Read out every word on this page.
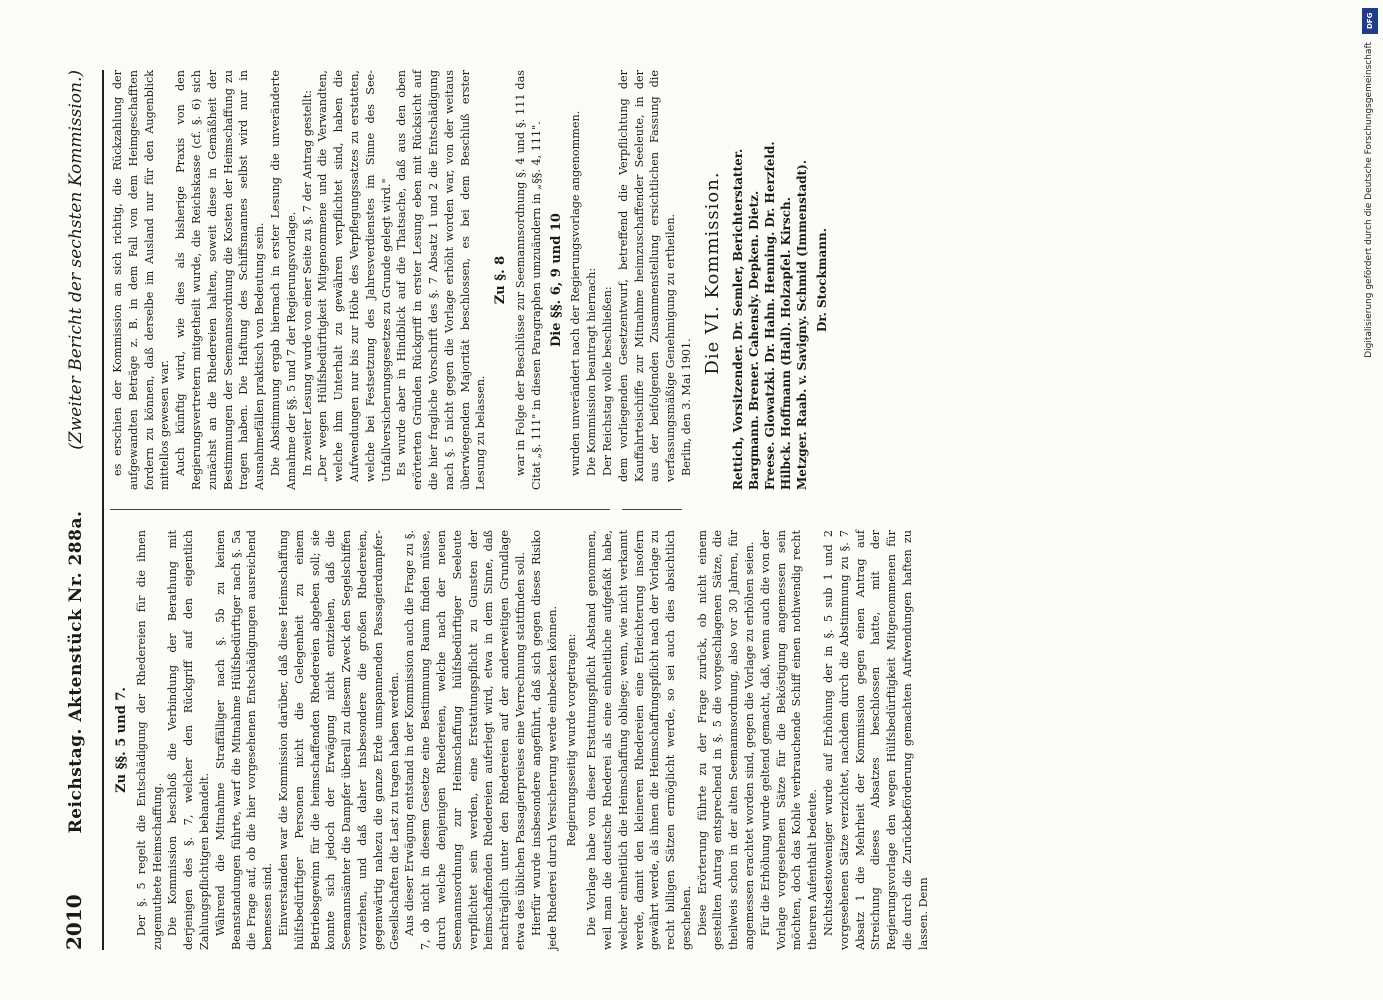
2010
Reichstag. Aktenstück Nr. 288a.
(Zweiter Bericht der sechsten Kommission.)

Zu §§. 5 und 7. Der §. 5 regelt die Entschädigung der Rhedereien für die ihnen zugemuthete Heimschaffung. Die Kommission beschloß die Verbindung der Berathung mit derjenigen des §. 7, welcher den Rückgriff auf den eigentlich Zahlungspflichtigen behandelt. Während die Mitnahme Straffälliger nach §. 5b zu keinen Beanstandungen führte, warf die Mitnahme Hülfsbedürftiger nach §. 5a die Frage auf, ob die hier vorgesehenen Entschädigungen ausreichend bemessen sind. Einverstanden war die Kommission darüber, daß diese Heimschaffung hülfsbedürftiger Personen nicht die Gelegenheit zu einem Betriebsgewinn für die heimschaffenden Rhedereien abgeben soll; sie konnte sich jedoch der Erwägung nicht entziehen, daß die Seemannsämter die Dampfer überall zu diesem Zweck den Segelschiffen vorziehen, und daß daher insbesondere die großen Rhedereien, gegenwärtig nahezu die ganze Erde umspannenden Passagierdampfer-Gesellschaften die Last zu tragen haben werden. Aus dieser Erwägung entstand in der Kommission auch die Frage zu §. 7, ob nicht in diesem Gesetze eine Bestimmung Raum finden müsse, durch welche denjenigen Rhedereien, welche nach der neuen Seemannsordnung zur Heimschaffung hülfsbedürftiger Seeleute verpflichtet sein werden, eine Erstattungspflicht zu Gunsten der heimschaffenden Rhedereien auferlegt wird, etwa in dem Sinne, daß nachträglich unter den Rhedereien auf der anderweitigen Grundlage etwa des üblichen Passagierpreises eine Verrechnung stattfinden soll. Hierfür wurde insbesondere angeführt, daß sich gegen dieses Risiko jede Rhederei durch Versicherung werde einbecken können. Regierungsseitig wurde vorgetragen: Die Vorlage habe von dieser Erstattungspflicht Abstand genommen, weil man die deutsche Rhederei als eine einheitliche aufgefaßt habe, welcher einheitlich die Heimschaffung obliege; wenn, wie nicht verkannt werde, damit den kleineren Rhedereien eine Erleichterung insofern gewährt werde, als ihnen die Heimschaffungspflicht nach der Vorlage zu recht billigen Sätzen ermöglicht werde, so sei auch dies absichtlich geschehen. Diese Erörterung führte zu der Frage zurück, ob nicht einem gestellten Antrag entsprechend in §. 5 die vorgeschlagenen Sätze, die theilweis schon in der alten Seemannsordnung, also vor 30 Jahren, für angemessen erachtet worden sind, gegen die Vorlage zu erhöhen seien. Für die Erhöhung wurde geltend gemacht, daß, wenn auch die von der Vorlage vorgesehenen Sätze für die Beköstigung angemessen sein möchten, doch das Kohle verbrauchende Schiff einen nothwendig recht theuren Aufenthalt bedeute. Nichtsdestoweniger wurde auf Erhöhung der in §. 5 sub 1 und 2 vorgesehenen Sätze verzichtet, nachdem durch die Abstimmung zu §. 7 Absatz 1 die Mehrheit der Kommission gegen einen Antrag auf Streichung dieses Absatzes beschlossen hatte, mit der Regierungsvorlage den wegen Hülfsbedürftigkeit Mitgenommenen für die durch die Zurückbeförderung gemachten Aufwendungen haften zu lassen. Denn

es erschien der Kommission an sich richtig, die Rückzahlung der aufgewandten Beträge z. B. in dem Fall von dem Heimgeschafften fordern zu können, daß derselbe im Ausland nur für den Augenblick mittellos gewesen war. Auch künftig wird, wie dies als bisherige Praxis von den Regierungsvertretern mitgetheilt wurde, die Reichskasse (cf. §. 6) sich zunächst an die Rhedereien halten, soweit diese in Gemäßheit der Bestimmungen der Seemannsordnung die Kosten der Heimschaffung zu tragen haben. Die Haftung des Schiffsmannes selbst wird nur in Ausnahmefällen praktisch von Bedeutung sein. Die Abstimmung ergab hiernach in erster Lesung die unveränderte Annahme der §§. 5 und 7 der Regierungsvorlage. In zweiter Lesung wurde von einer Seite zu §. 7 der Antrag gestellt: „Der wegen Hülfsbedürftigkeit Mitgenommene und die Verwandten, welche ihm Unterhalt zu gewähren verpflichtet sind, haben die Aufwendungen nur bis zur Höhe des Verpflegungssatzes zu erstatten, welche bei Festsetzung des Jahresverdienstes im Sinne des See-Unfallversicherungsgesetzes zu Grunde gelegt wird." Es wurde aber in Hindblick auf die Thatsache, daß aus den oben erörterten Gründen Rückgriff in erster Lesung eben mit Rücksicht auf die hier fragliche Vorschrift des §. 7 Absatz 1 und 2 die Entschädigung nach §. 5 nicht gegen die Vorlage erhöht worden war, von der weitaus überwiegenden Majorität beschlossen, es bei dem Beschluß erster Lesung zu belassen.

Zu §. 8 war in Folge der Beschlüsse zur Seemannsordnung §. 4 und §. 111 das Citat „§. 111" in diesen Paragraphen umzuändern in „§§. 4, 111". Die §§. 6, 9 und 10 wurden unverändert nach der Regierungsvorlage angenommen. Die Kommission beantragt hiernach: Der Reichstag wolle beschließen: dem vorliegenden Gesetzentwurf, betreffend die Verpflichtung der Kauffahrteischiffe zur Mitnahme heimzuschaffender Seeleute, in der aus der beifolgenden Zusammenstellung ersichtlichen Fassung die verfassungsmäßige Genehmigung zu ertheilen. Berlin, den 3. Mai 1901.

Die VI. Kommission. Rettich, Vorsitzender. Dr. Semler, Berichterstatter. Bargmann. Brener. Cahensly. Depken. Dietz. Freese. Glowatzki. Dr. Hahn. Henning. Dr. Herzfeld. Hilbck. Hoffmann (Hall). Holzapfel. Kirsch. Metzger. Raab. v. Savigny. Schmid (Immenstadt). Dr. Stockmann.

DFG
Digitalisierung gefördert durch die Deutsche Forschungsgemeinschaft
